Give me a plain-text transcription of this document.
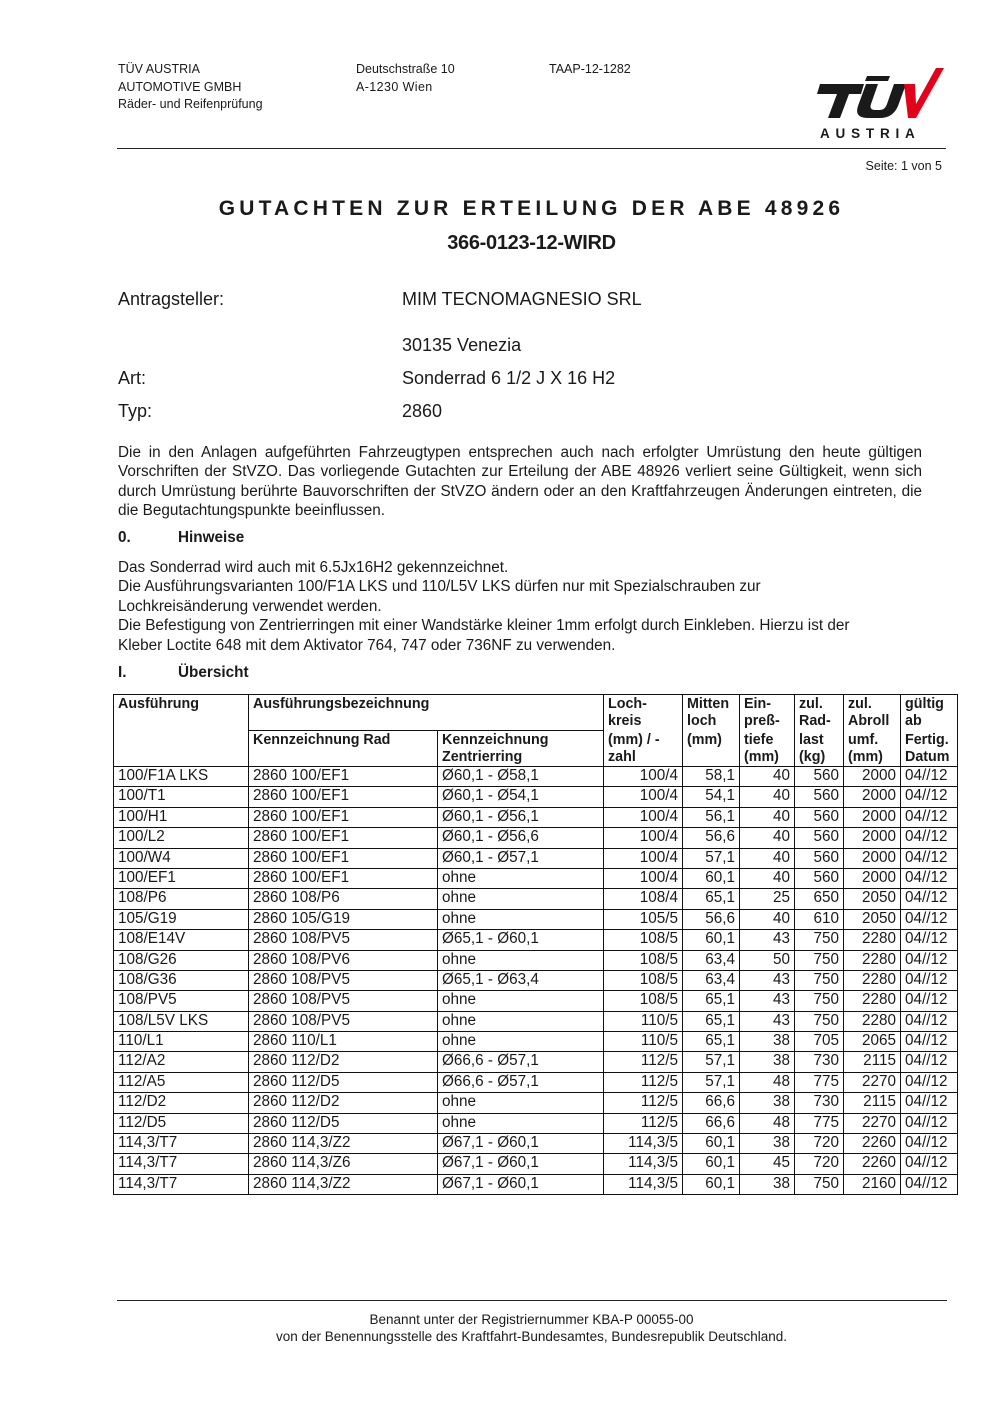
TÜV AUSTRIA
AUTOMOTIVE GMBH
Räder- und Reifenprüfung
Deutschstraße 10
A-1230 Wien
TAAP-12-1282
AUSTRIA
Seite: 1 von 5
GUTACHTEN ZUR ERTEILUNG DER ABE 48926
366-0123-12-WIRD
Antragsteller:	MIM TECNOMAGNESIO SRL
30135 Venezia
Art:	Sonderrad 6 1/2 J X 16 H2
Typ:	2860
Die in den Anlagen aufgeführten Fahrzeugtypen entsprechen auch nach erfolgter Umrüstung den heute gültigen Vorschriften der StVZO. Das vorliegende Gutachten zur Erteilung der ABE 48926 verliert seine Gültigkeit, wenn sich durch Umrüstung berührte Bauvorschriften der StVZO ändern oder an den Kraftfahrzeugen Änderungen eintreten, die die Begutachtungspunkte beeinflussen.
0.	Hinweise
Das Sonderrad wird auch mit 6.5Jx16H2 gekennzeichnet.
Die Ausführungsvarianten 100/F1A LKS und 110/L5V LKS dürfen nur mit Spezialschrauben zur
Lochkreisänderung verwendet werden.
Die Befestigung von Zentrierringen mit einer Wandstärke kleiner 1mm erfolgt durch Einkleben. Hierzu ist der
Kleber Loctite 648 mit dem Aktivator 764, 747 oder 736NF zu verwenden.
I.	Übersicht
Ausführung	Ausführungsbezeichnung		Loch- kreis	Mitten loch	Ein- preß-	zul. Rad-	zul. Abroll	gültig ab
	Kennzeichnung Rad	Kennzeichnung Zentrierring	(mm) / -zahl	(mm)	tiefe (mm)	last (kg)	umf. (mm)	Fertig. Datum
100/F1A LKS	2860 100/EF1	Ø60,1 - Ø58,1	100/4	58,1	40	560	2000	04//12
100/T1	2860 100/EF1	Ø60,1 - Ø54,1	100/4	54,1	40	560	2000	04//12
100/H1	2860 100/EF1	Ø60,1 - Ø56,1	100/4	56,1	40	560	2000	04//12
100/L2	2860 100/EF1	Ø60,1 - Ø56,6	100/4	56,6	40	560	2000	04//12
100/W4	2860 100/EF1	Ø60,1 - Ø57,1	100/4	57,1	40	560	2000	04//12
100/EF1	2860 100/EF1	ohne	100/4	60,1	40	560	2000	04//12
108/P6	2860 108/P6	ohne	108/4	65,1	25	650	2050	04//12
105/G19	2860 105/G19	ohne	105/5	56,6	40	610	2050	04//12
108/E14V	2860 108/PV5	Ø65,1 - Ø60,1	108/5	60,1	43	750	2280	04//12
108/G26	2860 108/PV6	ohne	108/5	63,4	50	750	2280	04//12
108/G36	2860 108/PV5	Ø65,1 - Ø63,4	108/5	63,4	43	750	2280	04//12
108/PV5	2860 108/PV5	ohne	108/5	65,1	43	750	2280	04//12
108/L5V LKS	2860 108/PV5	ohne	110/5	65,1	43	750	2280	04//12
110/L1	2860 110/L1	ohne	110/5	65,1	38	705	2065	04//12
112/A2	2860 112/D2	Ø66,6 - Ø57,1	112/5	57,1	38	730	2115	04//12
112/A5	2860 112/D5	Ø66,6 - Ø57,1	112/5	57,1	48	775	2270	04//12
112/D2	2860 112/D2	ohne	112/5	66,6	38	730	2115	04//12
112/D5	2860 112/D5	ohne	112/5	66,6	48	775	2270	04//12
114,3/T7	2860 114,3/Z2	Ø67,1 - Ø60,1	114,3/5	60,1	38	720	2260	04//12
114,3/T7	2860 114,3/Z6	Ø67,1 - Ø60,1	114,3/5	60,1	45	720	2260	04//12
114,3/T7	2860 114,3/Z2	Ø67,1 - Ø60,1	114,3/5	60,1	38	750	2160	04//12
Benannt unter der Registriernummer KBA-P 00055-00
von der Benennungsstelle des Kraftfahrt-Bundesamtes, Bundesrepublik Deutschland.
